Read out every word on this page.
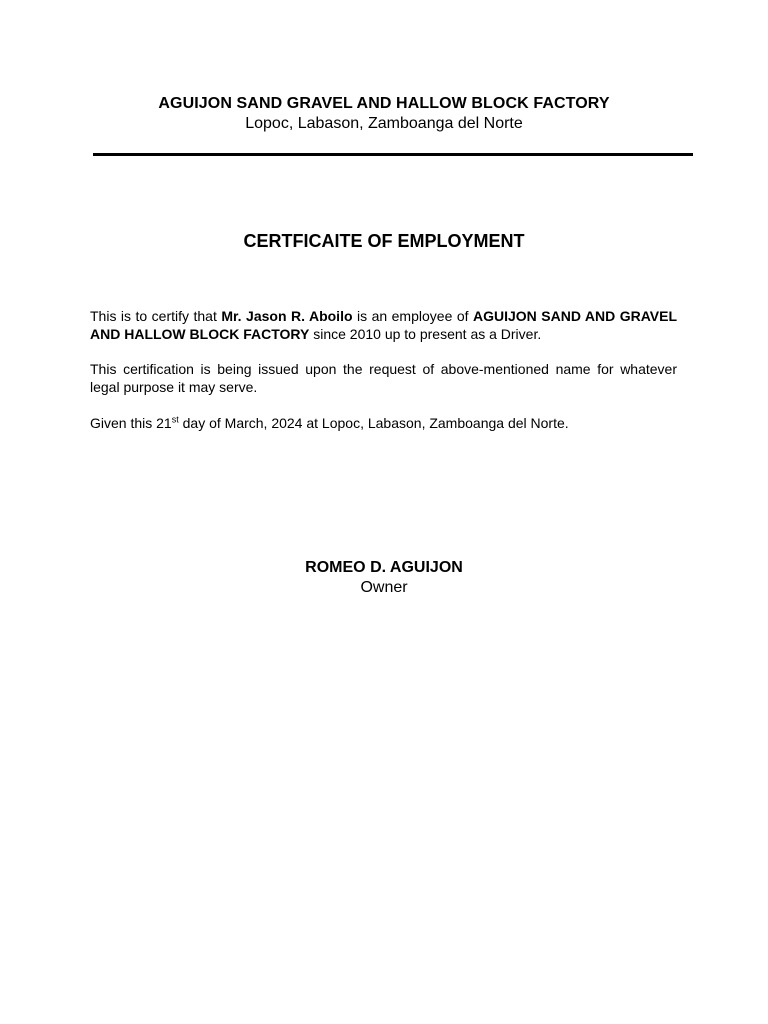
AGUIJON SAND GRAVEL AND HALLOW BLOCK FACTORY
Lopoc, Labason, Zamboanga del Norte
CERTFICAITE OF EMPLOYMENT
This is to certify that Mr. Jason R. Aboilo is an employee of AGUIJON SAND AND GRAVEL AND HALLOW BLOCK FACTORY since 2010 up to present as a Driver.
This certification is being issued upon the request of above-mentioned name for whatever legal purpose it may serve.
Given this 21st day of March, 2024 at Lopoc, Labason, Zamboanga del Norte.
ROMEO D. AGUIJON
Owner
